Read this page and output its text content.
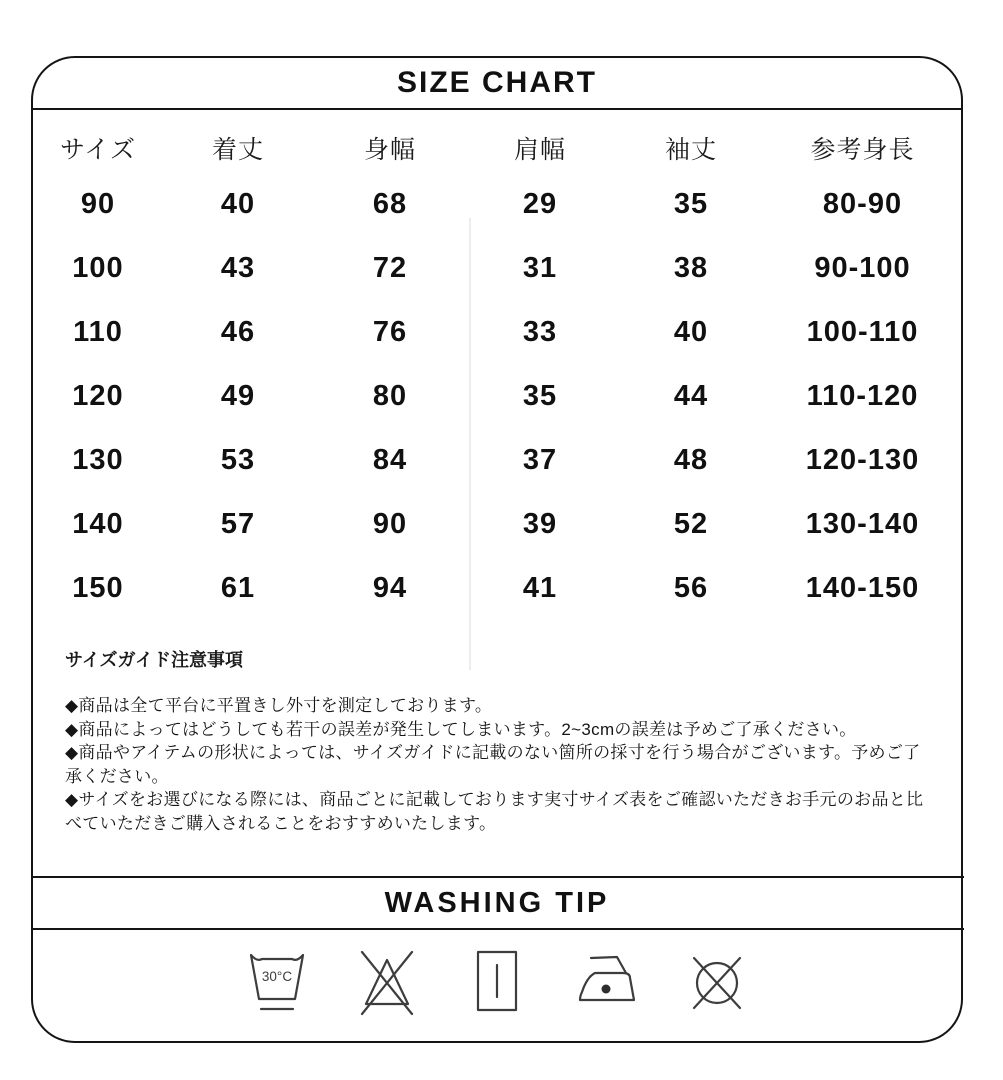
SIZE CHART
サイズ	着丈	身幅	肩幅	袖丈	参考身長
90	40	68	29	35	80-90
100	43	72	31	38	90-100
110	46	76	33	40	100-110
120	49	80	35	44	110-120
130	53	84	37	48	120-130
140	57	90	39	52	130-140
150	61	94	41	56	140-150
サイズガイド注意事項

◆商品は全て平台に平置きし外寸を測定しております。

◆商品によってはどうしても若干の誤差が発生してしまいます。2~3cmの誤差は予めご了承ください。

◆商品やアイテムの形状によっては、サイズガイドに記載のない箇所の採寸を行う場合がございます。予めご了承ください。

◆サイズをお選びになる際には、商品ごとに記載しております実寸サイズ表をご確認いただきお手元のお品と比べていただきご購入されることをおすすめいたします。

WASHING TIP
30°C
